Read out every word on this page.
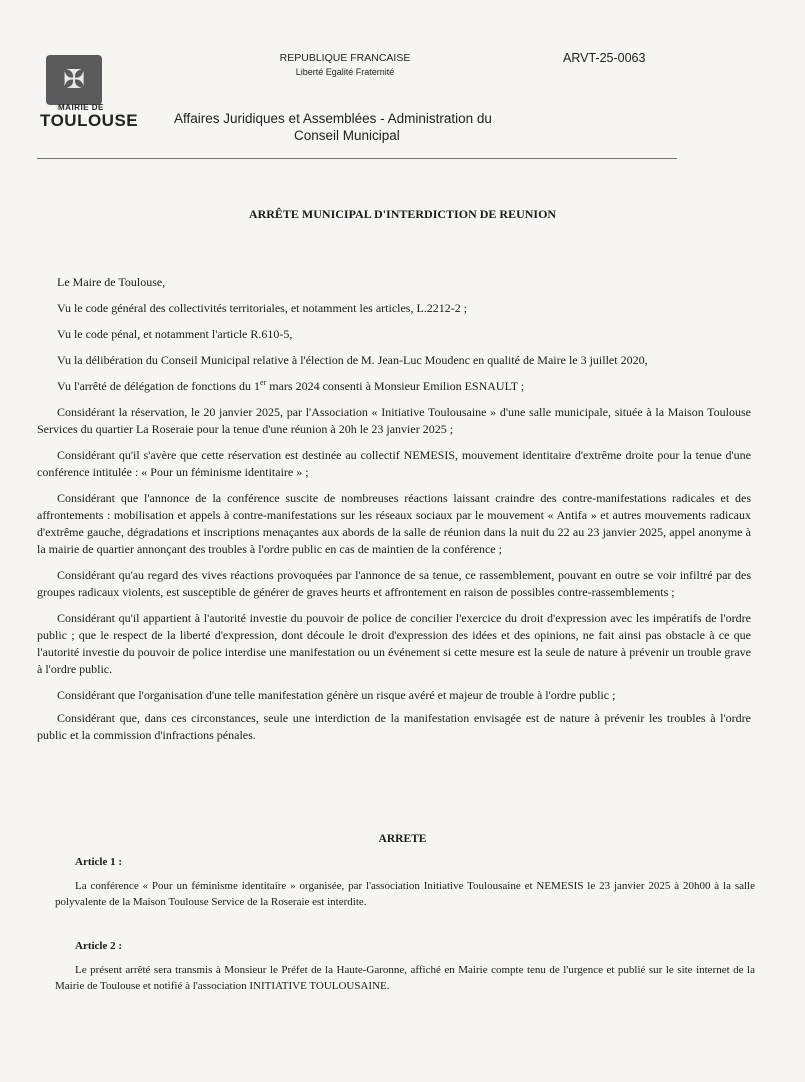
✠
MAIRIE DE
TOULOUSE
REPUBLIQUE FRANCAISE
Liberté Egalité Fraternité
ARVT-25-0063
Affaires Juridiques et Assemblées - Administration du
Conseil Municipal
ARRÊTE MUNICIPAL D'INTERDICTION DE REUNION

Le Maire de Toulouse,

Vu le code général des collectivités territoriales, et notamment les articles, L.2212-2 ;

Vu le code pénal, et notamment l'article R.610-5,

Vu la délibération du Conseil Municipal relative à l'élection de M. Jean-Luc Moudenc en qualité de Maire le 3 juillet 2020,

Vu l'arrêté de délégation de fonctions du 1er mars 2024 consenti à Monsieur Emilion ESNAULT ;

Considérant la réservation, le 20 janvier 2025, par l'Association « Initiative Toulousaine » d'une salle municipale, située à la Maison Toulouse Services du quartier La Roseraie pour la tenue d'une réunion à 20h le 23 janvier 2025 ;

Considérant qu'il s'avère que cette réservation est destinée au collectif NEMESIS, mouvement identitaire d'extrême droite pour la tenue d'une conférence intitulée : « Pour un féminisme identitaire » ;

Considérant que l'annonce de la conférence suscite de nombreuses réactions laissant craindre des contre-manifestations radicales et des affrontements : mobilisation et appels à contre-manifestations sur les réseaux sociaux par le mouvement « Antifa » et autres mouvements radicaux d'extrême gauche, dégradations et inscriptions menaçantes aux abords de la salle de réunion dans la nuit du 22 au 23 janvier 2025, appel anonyme à la mairie de quartier annonçant des troubles à l'ordre public en cas de maintien de la conférence ;

Considérant qu'au regard des vives réactions provoquées par l'annonce de sa tenue, ce rassemblement, pouvant en outre se voir infiltré par des groupes radicaux violents, est susceptible de générer de graves heurts et affrontement en raison de possibles contre-rassemblements ;

Considérant qu'il appartient à l'autorité investie du pouvoir de police de concilier l'exercice du droit d'expression avec les impératifs de l'ordre public ; que le respect de la liberté d'expression, dont découle le droit d'expression des idées et des opinions, ne fait ainsi pas obstacle à ce que l'autorité investie du pouvoir de police interdise une manifestation ou un événement si cette mesure est la seule de nature à prévenir un trouble grave à l'ordre public.

Considérant que l'organisation d'une telle manifestation génère un risque avéré et majeur de trouble à l'ordre public ;

Considérant que, dans ces circonstances, seule une interdiction de la manifestation envisagée est de nature à prévenir les troubles à l'ordre public et la commission d'infractions pénales.

ARRETE
Article 1 :

La conférence « Pour un féminisme identitaire » organisée, par l'association Initiative Toulousaine et NEMESIS le 23 janvier 2025 à 20h00 à la salle polyvalente de la Maison Toulouse Service de la Roseraie est interdite.

Article 2 :

Le présent arrêté sera transmis à Monsieur le Préfet de la Haute-Garonne, affiché en Mairie compte tenu de l'urgence et publié sur le site internet de la Mairie de Toulouse et notifié à l'association INITIATIVE TOULOUSAINE.
